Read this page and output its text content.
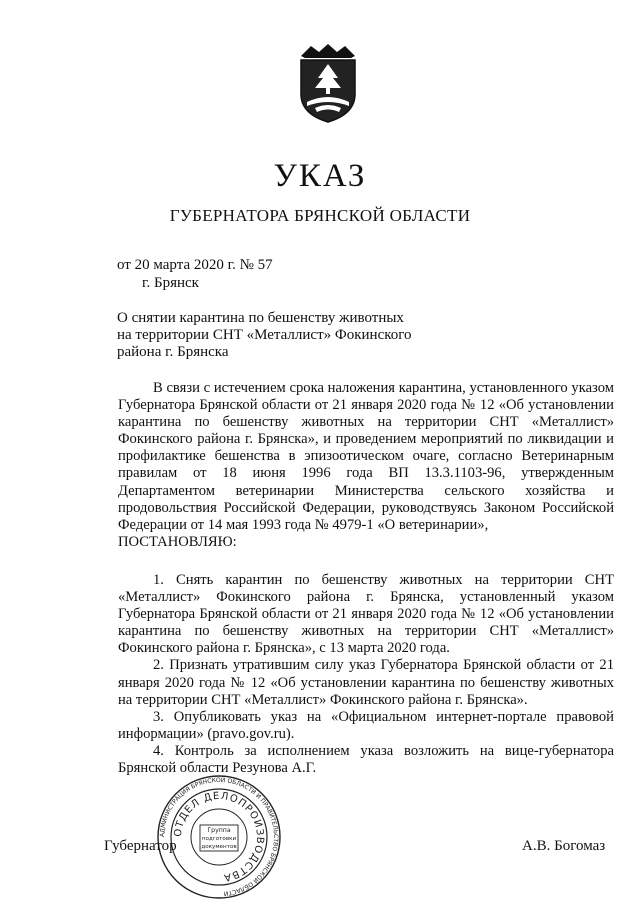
УКАЗ
ГУБЕРНАТОРА БРЯНСКОЙ ОБЛАСТИ
от 20 марта 2020 г. № 57
г. Брянск
О снятии карантина по бешенству животных
на территории СНТ «Металлист» Фокинского
района г. Брянска

В связи с истечением срока наложения карантина, установленного указом Губернатора Брянской области от 21 января 2020 года № 12 «Об установлении карантина по бешенству животных на территории СНТ «Металлист» Фокинского района г. Брянска», и проведением мероприятий по ликвидации и профилактике бешенства в эпизоотическом очаге, согласно Ветеринарным правилам от 18 июня 1996 года ВП 13.3.1103-96, утвержденным Департаментом ветеринарии Министерства сельского хозяйства и продовольствия Российской Федерации, руководствуясь Законом Российской Федерации от 14 мая 1993 года № 4979-1 «О ветеринарии»,

ПОСТАНОВЛЯЮ:

1. Снять карантин по бешенству животных на территории СНТ «Металлист» Фокинского района г. Брянска, установленный указом Губернатора Брянской области от 21 января 2020 года № 12 «Об установлении карантина по бешенству животных на территории СНТ «Металлист» Фокинского района г. Брянска», с 13 марта 2020 года.

2. Признать утратившим силу указ Губернатора Брянской области от 21 января 2020 года № 12 «Об установлении карантина по бешенству животных на территории СНТ «Металлист» Фокинского района г. Брянска».

3. Опубликовать указ на «Официальном интернет-портале правовой информации» (pravo.gov.ru).

4. Контроль за исполнением указа возложить на вице-губернатора Брянской области Резунова А.Г.

АДМИНИСТРАЦИЯ БРЯНСКОЙ ОБЛАСТИ И ПРАВИТЕЛЬСТВО БРЯНСКОЙ ОБЛАСТИ
ОТДЕЛ ДЕЛОПРОИЗВОДСТВА
Группа
подготовки
документов
Губернатор	А.В. Богомаз
